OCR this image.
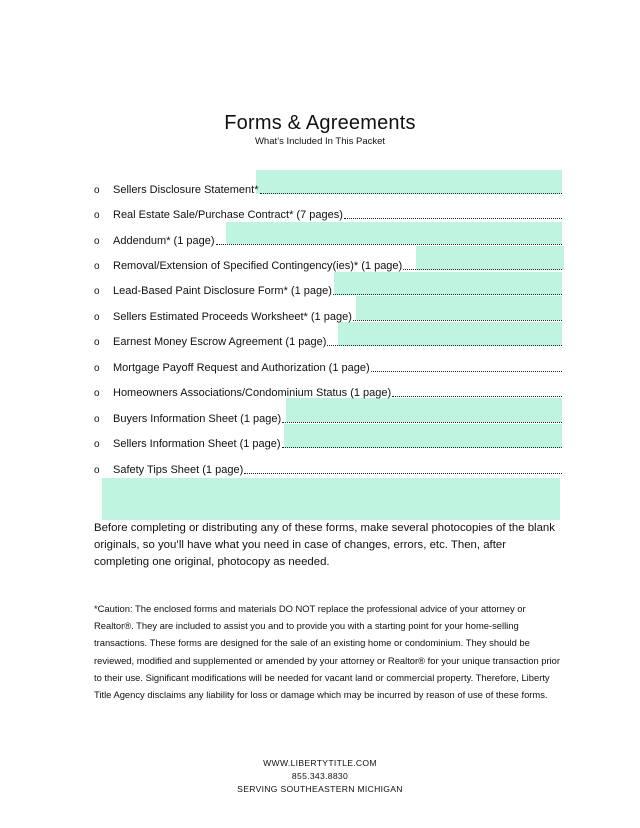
Forms & Agreements
What’s Included In This Packet
o	Sellers Disclosure Statement*
o	Real Estate Sale/Purchase Contract* (7 pages)
o	Addendum* (1 page)
o	Removal/Extension of Specified Contingency(ies)* (1 page)
o	Lead-Based Paint Disclosure Form* (1 page)
o	Sellers Estimated Proceeds Worksheet* (1 page)
o	Earnest Money Escrow Agreement (1 page)
o	Mortgage Payoff Request and Authorization (1 page)
o	Homeowners Associations/Condominium Status (1 page)
o	Buyers Information Sheet (1 page)
o	Sellers Information Sheet (1 page)
o	Safety Tips Sheet (1 page)
Before completing or distributing any of these forms, make several photocopies of the blank originals, so you’ll have what you need in case of changes, errors, etc. Then, after completing one original, photocopy as needed.
*Caution: The enclosed forms and materials DO NOT replace the professional advice of your attorney or Realtor®. They are included to assist you and to provide you with a starting point for your home-selling transactions. These forms are designed for the sale of an existing home or condominium. They should be reviewed, modified and supplemented or amended by your attorney or Realtor® for your unique transaction prior to their use. Significant modifications will be needed for vacant land or commercial property. Therefore, Liberty Title Agency disclaims any liability for loss or damage which may be incurred by reason of use of these forms.
WWW.LIBERTYTITLE.COM
855.343.8830
SERVING SOUTHEASTERN MICHIGAN
